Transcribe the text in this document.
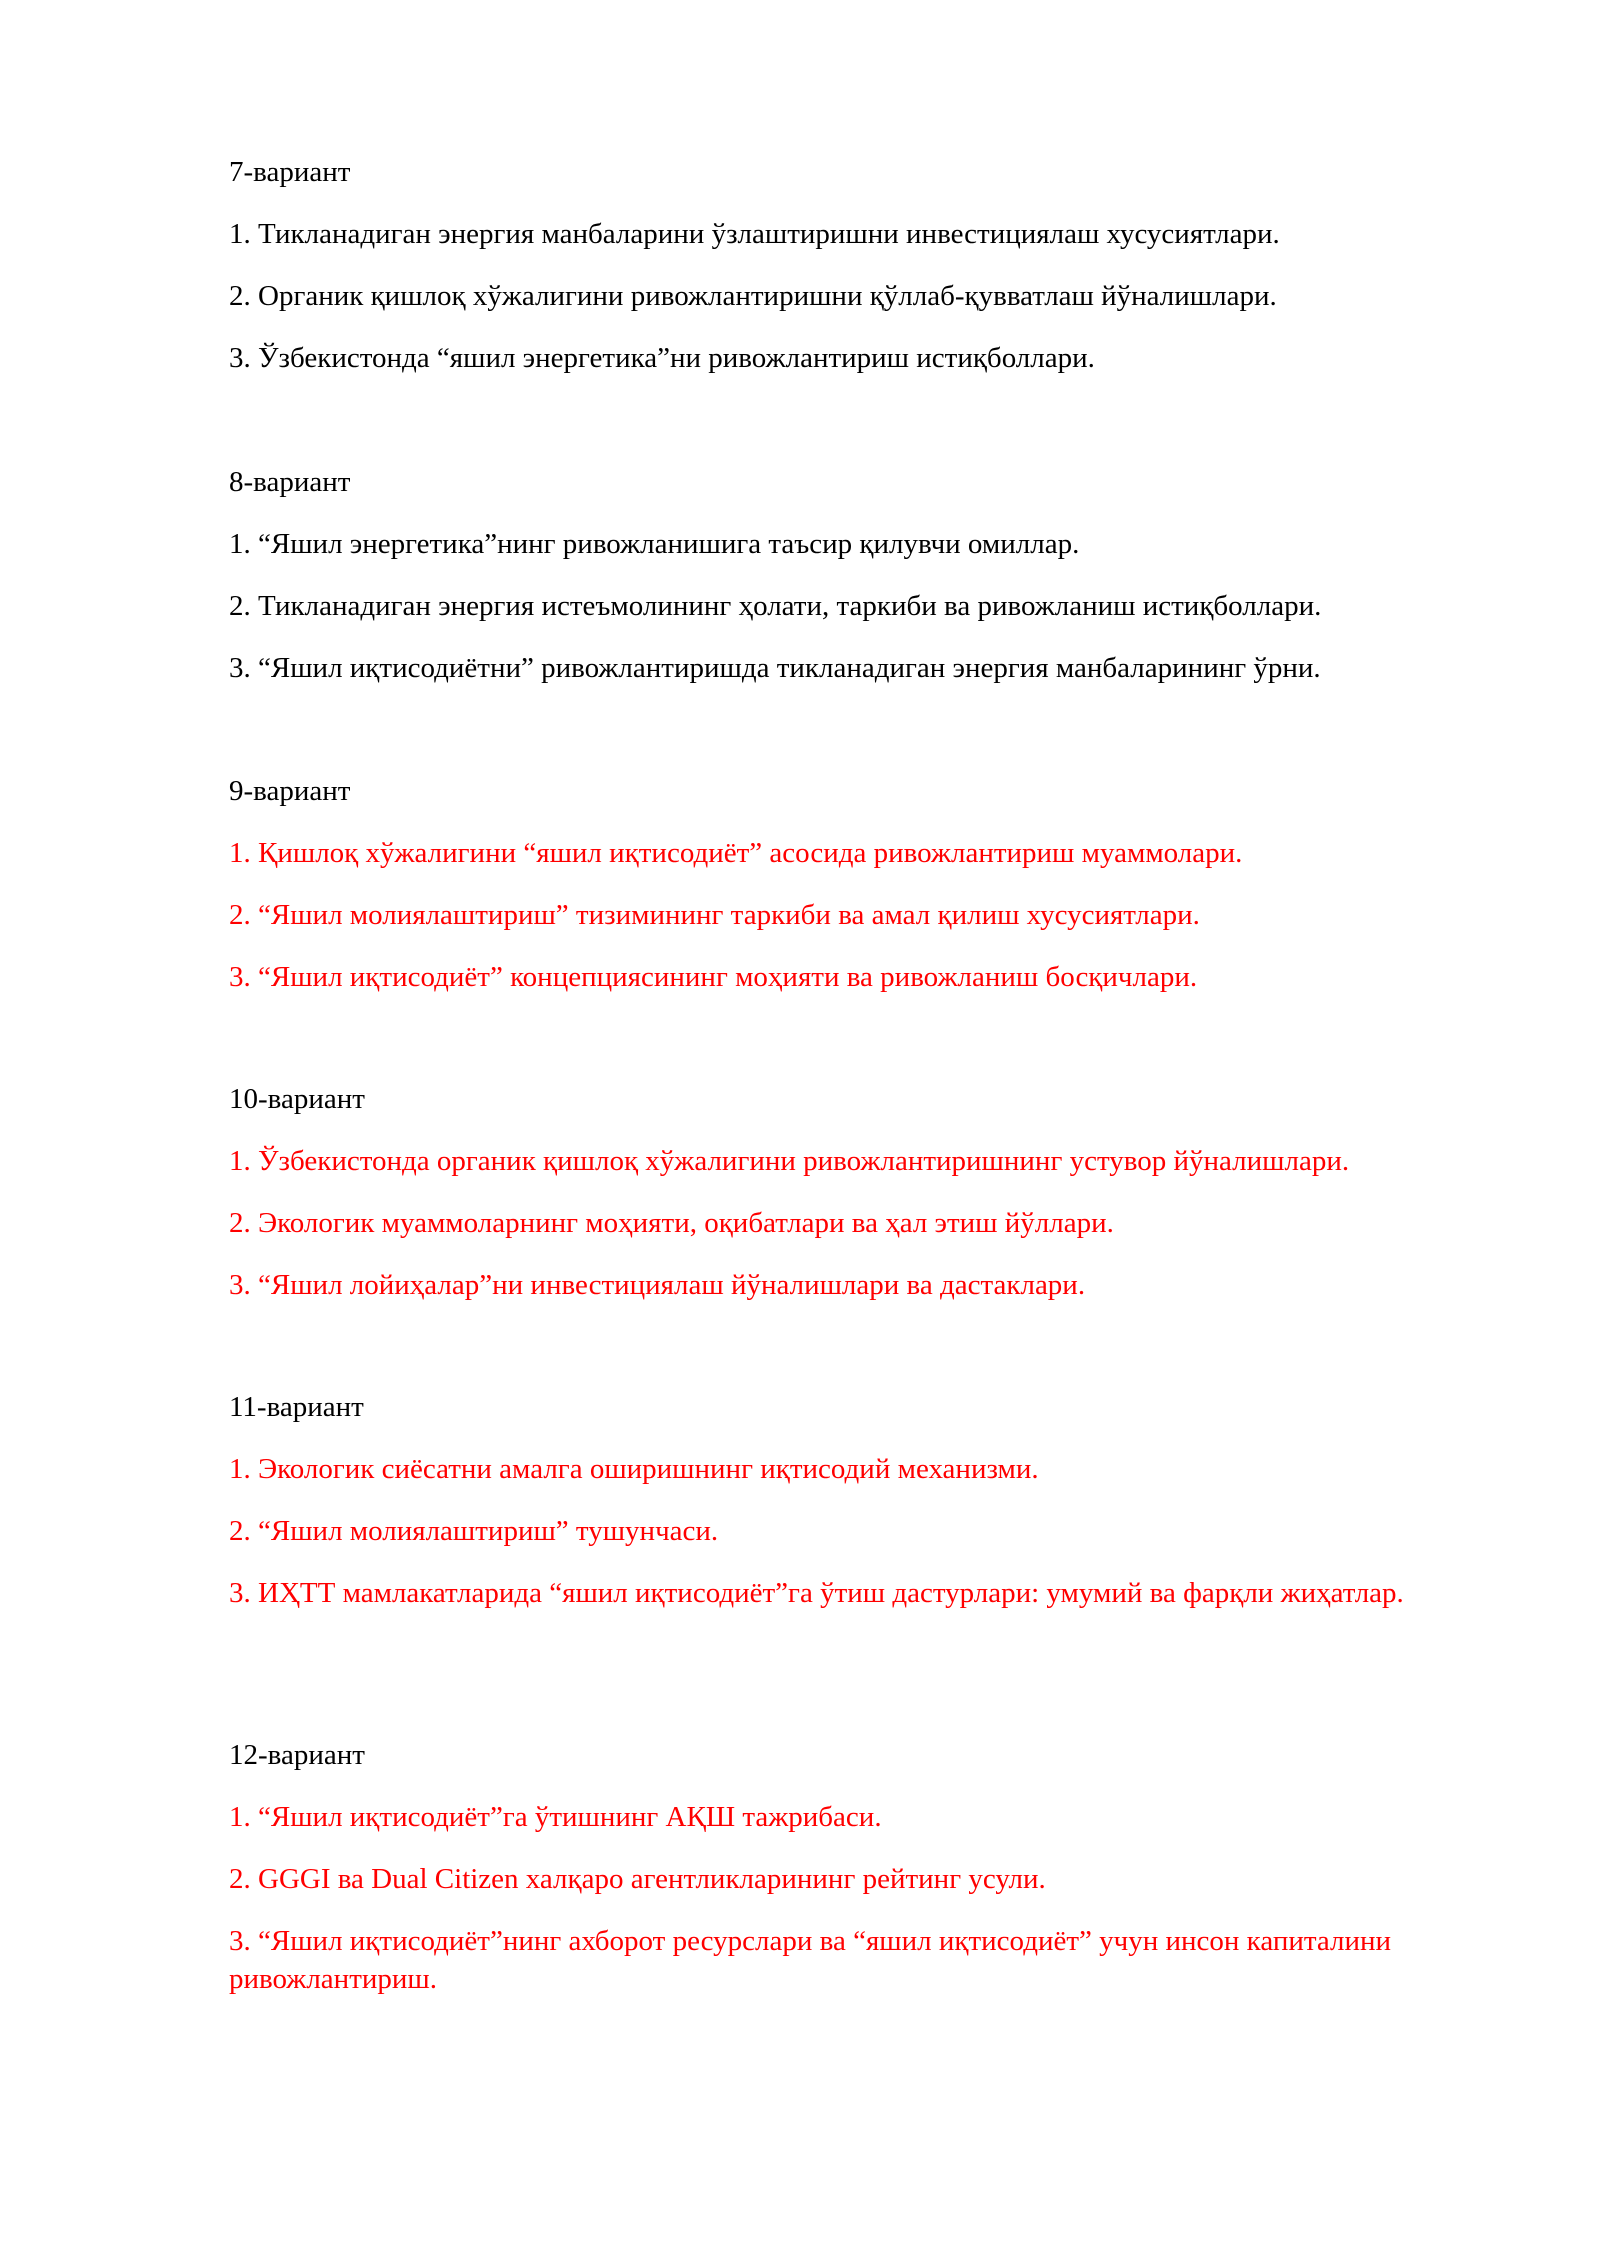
7-вариант

1. Тикланадиган энергия манбаларини ўзлаштиришни инвестициялаш хусусиятлари.

2. Органик қишлоқ хўжалигини ривожлантиришни қўллаб-қувватлаш йўналишлари.

3. Ўзбекистонда “яшил энергетика”ни ривожлантириш истиқболлари.

8-вариант

1. “Яшил энергетика”нинг ривожланишига таъсир қилувчи омиллар.

2. Тикланадиган энергия истеъмолининг ҳолати, таркиби ва ривожланиш истиқболлари.

3. “Яшил иқтисодиётни” ривожлантиришда тикланадиган энергия манбаларининг ўрни.

9-вариант

1. Қишлоқ хўжалигини “яшил иқтисодиёт” асосида ривожлантириш муаммолари.

2. “Яшил молиялаштириш” тизимининг таркиби ва амал қилиш хусусиятлари.

3. “Яшил иқтисодиёт” концепциясининг моҳияти ва ривожланиш босқичлари.

10-вариант

1. Ўзбекистонда органик қишлоқ хўжалигини ривожлантиришнинг устувор йўналишлари.

2. Экологик муаммоларнинг моҳияти, оқибатлари ва ҳал этиш йўллари.

3. “Яшил лойиҳалар”ни инвестициялаш йўналишлари ва дастаклари.

11-вариант

1. Экологик сиёсатни амалга оширишнинг иқтисодий механизми.

2. “Яшил молиялаштириш” тушунчаси.

3. ИҲТТ мамлакатларида “яшил иқтисодиёт”га ўтиш дастурлари: умумий ва фарқли жиҳатлар.

12-вариант

1. “Яшил иқтисодиёт”га ўтишнинг АҚШ тажрибаси.

2. GGGI ва Dual Citizen халқаро агентликларининг рейтинг усули.

3. “Яшил иқтисодиёт”нинг ахборот ресурслари ва “яшил иқтисодиёт” учун инсон капиталини ривожлантириш.
